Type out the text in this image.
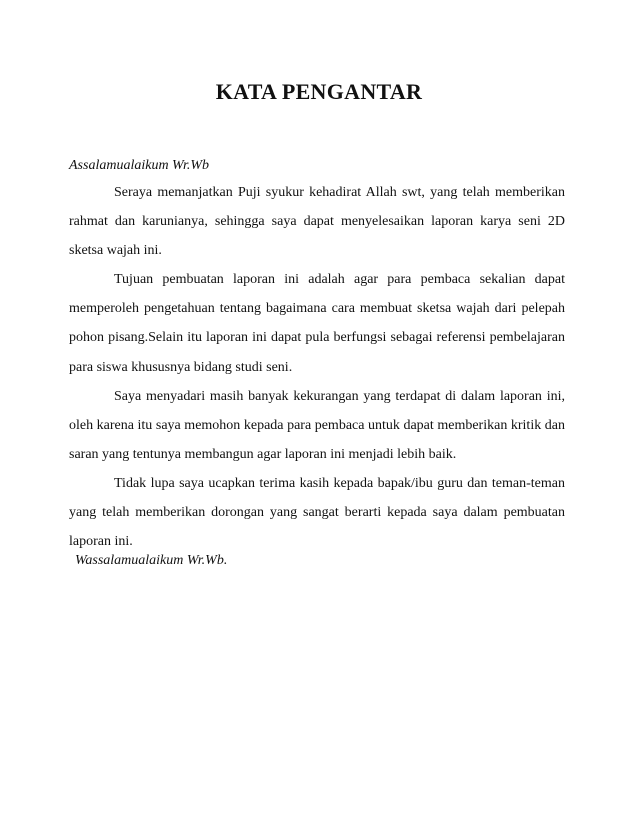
KATA PENGANTAR
Assalamualaikum Wr.Wb

Seraya memanjatkan Puji syukur kehadirat Allah swt, yang telah memberikan rahmat dan karunianya, sehingga saya dapat menyelesaikan laporan karya seni 2D sketsa wajah ini.

Tujuan pembuatan laporan ini adalah agar para pembaca sekalian dapat memperoleh pengetahuan tentang bagaimana cara membuat sketsa wajah dari pelepah pohon pisang.Selain itu laporan ini dapat pula berfungsi sebagai referensi pembelajaran para siswa khususnya bidang studi seni.

Saya menyadari masih banyak kekurangan yang terdapat di dalam laporan ini, oleh karena itu saya memohon kepada para pembaca untuk dapat memberikan kritik dan saran yang tentunya membangun agar laporan ini menjadi lebih baik.

Tidak lupa saya ucapkan terima kasih kepada bapak/ibu guru dan teman-teman yang telah memberikan dorongan yang sangat berarti kepada saya dalam pembuatan laporan ini.

Wassalamualaikum Wr.Wb.
